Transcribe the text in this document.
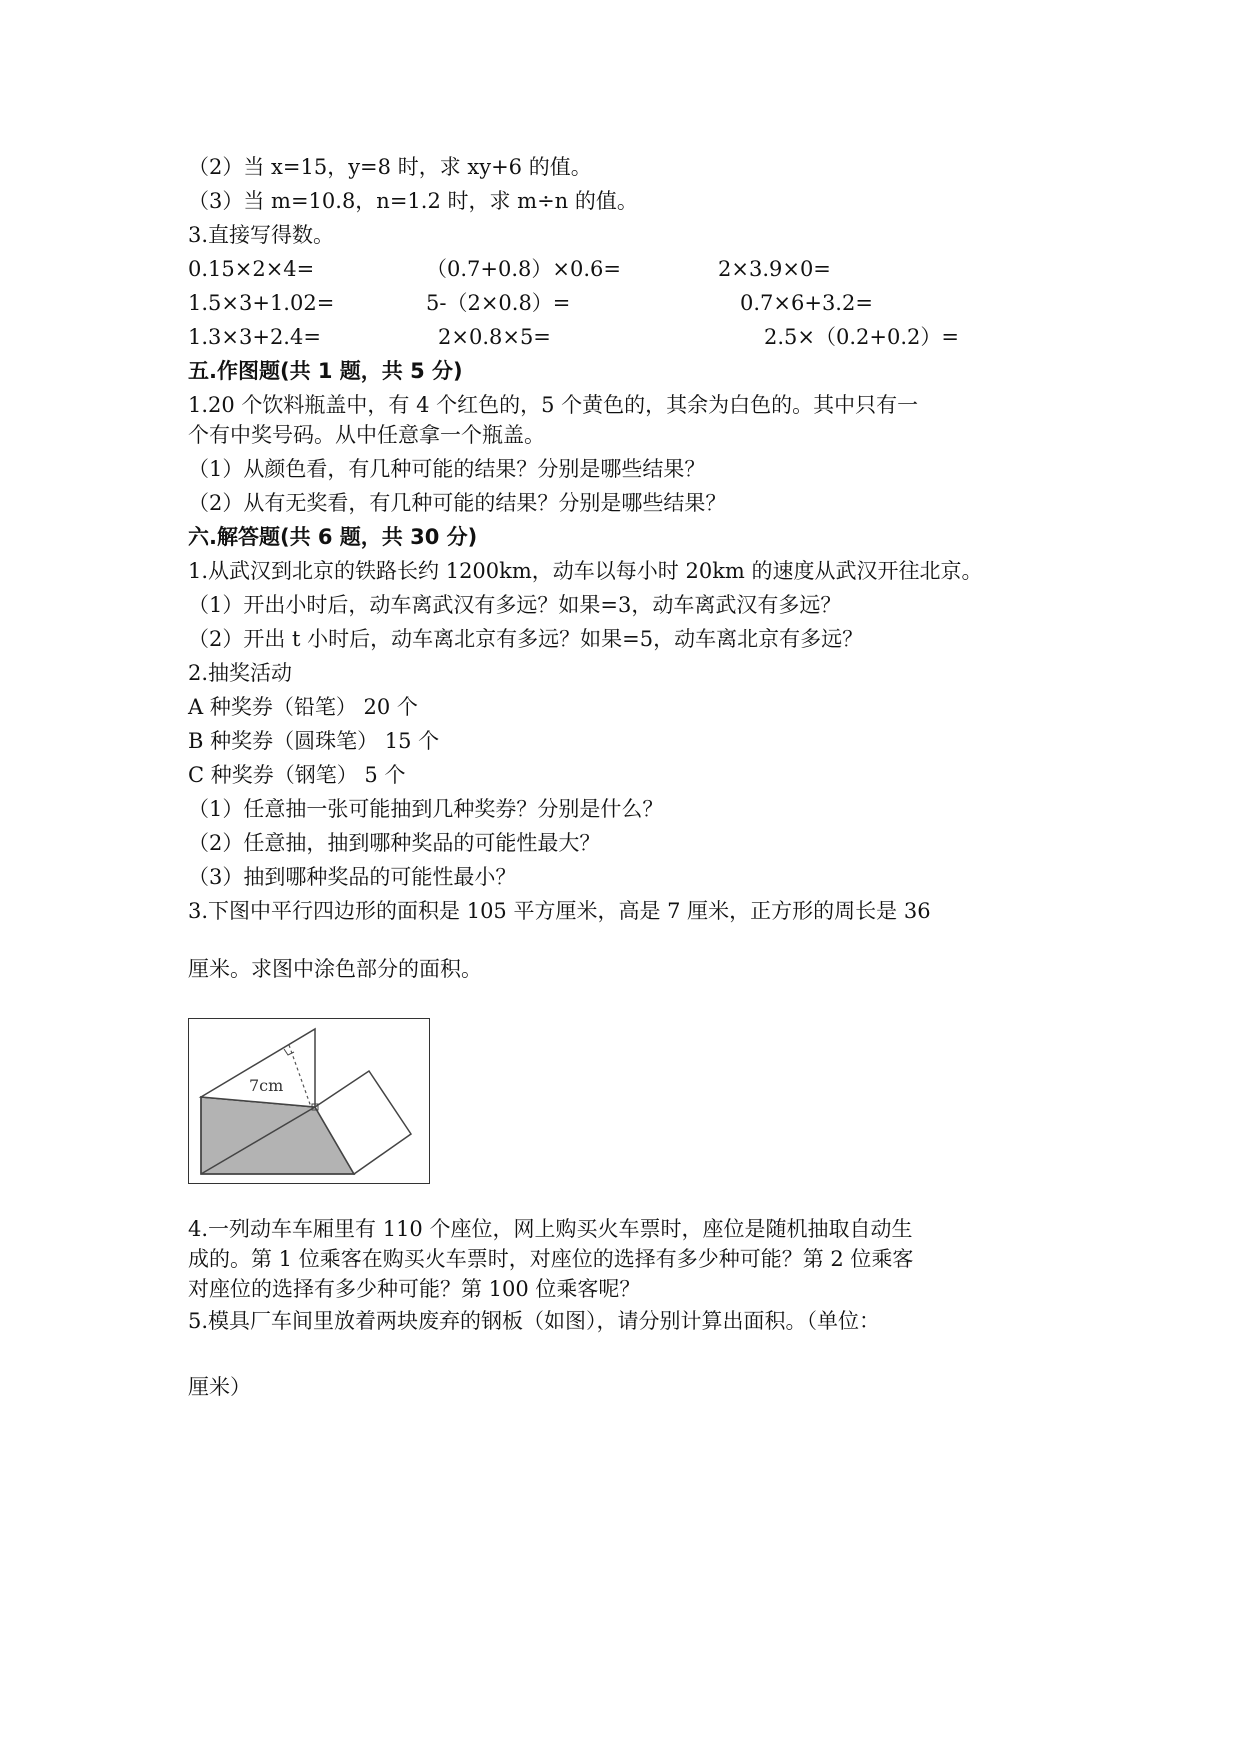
（2）当 x=15，y=8 时，求 xy+6 的值。
（3）当 m=10.8，n=1.2 时，求 m÷n 的值。
3.直接写得数。
0.15×2×4=	（0.7+0.8）×0.6=	2×3.9×0=
1.5×3+1.02=	5-（2×0.8）=	0.7×6+3.2=
1.3×3+2.4=	2×0.8×5=	2.5×（0.2+0.2）=
五.作图题(共 1 题，共 5 分)
1.20 个饮料瓶盖中，有 4 个红色的，5 个黄色的，其余为白色的。其中只有一
个有中奖号码。从中任意拿一个瓶盖。
（1）从颜色看，有几种可能的结果？分别是哪些结果？
（2）从有无奖看，有几种可能的结果？分别是哪些结果？
六.解答题(共 6 题，共 30 分)
1.从武汉到北京的铁路长约 1200km，动车以每小时 20km 的速度从武汉开往北京。
（1）开出小时后，动车离武汉有多远？如果=3，动车离武汉有多远？
（2）开出 t 小时后，动车离北京有多远？如果=5，动车离北京有多远？
2.抽奖活动
A 种奖券（铅笔） 20 个
B 种奖券（圆珠笔） 15 个
C 种奖券（钢笔） 5 个
（1）任意抽一张可能抽到几种奖券？分别是什么？
（2）任意抽，抽到哪种奖品的可能性最大？
（3）抽到哪种奖品的可能性最小？
3.下图中平行四边形的面积是 105 平方厘米，高是 7 厘米，正方形的周长是 36
厘米。求图中涂色部分的面积。
7cm
4.一列动车车厢里有 110 个座位，网上购买火车票时，座位是随机抽取自动生
成的。第 1 位乘客在购买火车票时，对座位的选择有多少种可能？第 2 位乘客
对座位的选择有多少种可能？第 100 位乘客呢？
5.模具厂车间里放着两块废弃的钢板（如图），请分别计算出面积。（单位：
厘米）
